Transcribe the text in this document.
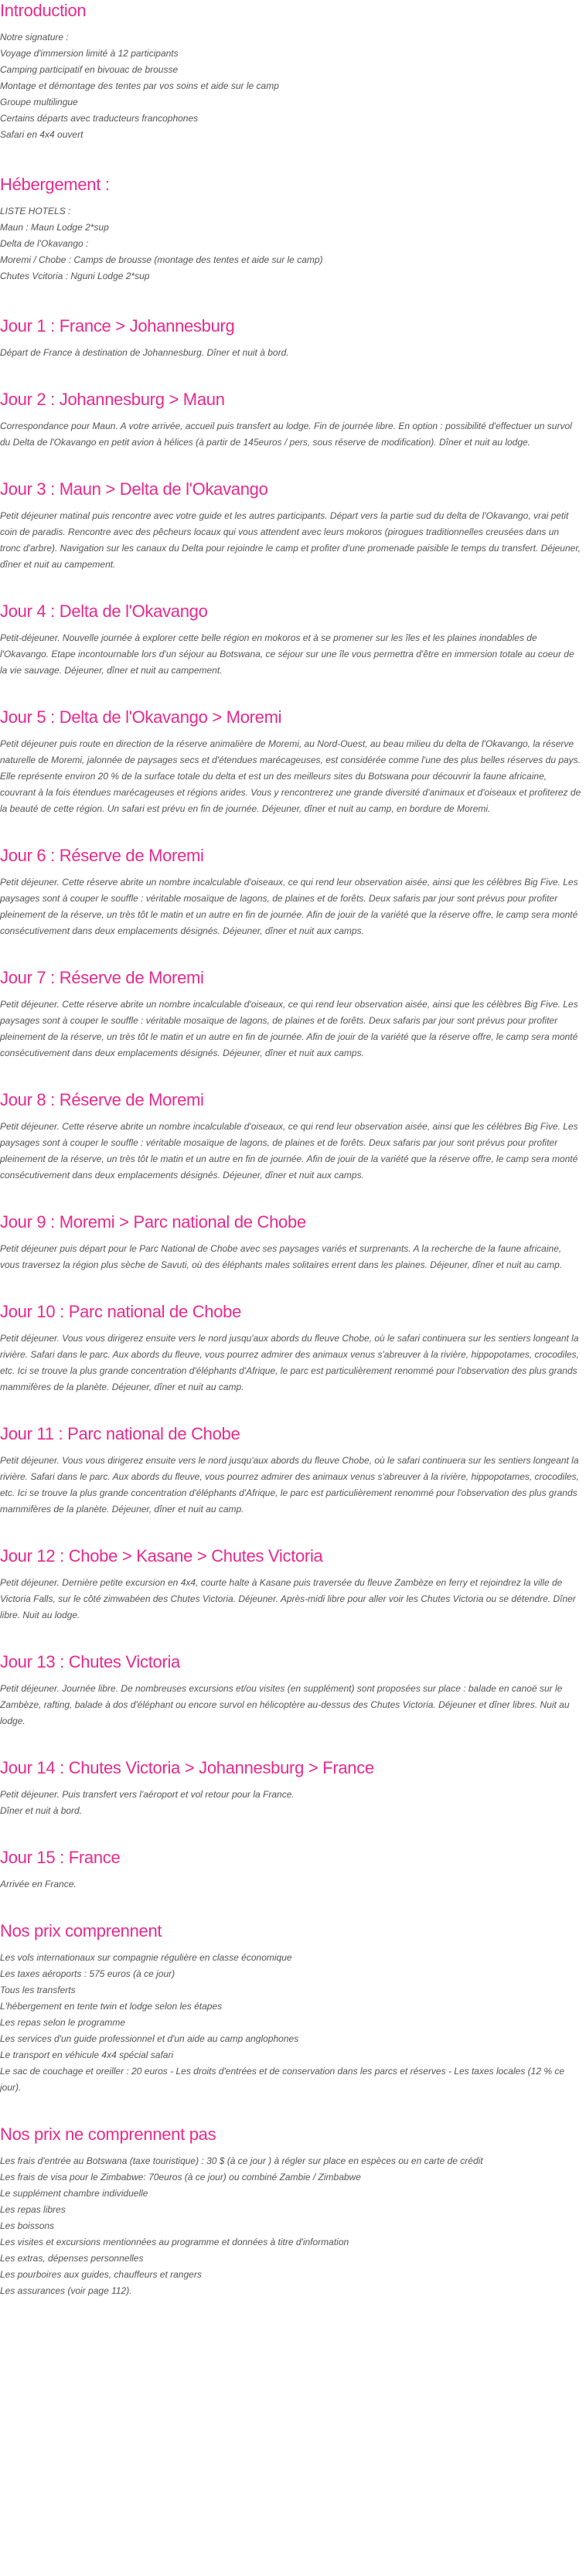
Introduction
Notre signature :
Voyage d'immersion limité à 12 participants
Camping participatif en bivouac de brousse
Montage et démontage des tentes par vos soins et aide sur le camp
Groupe multilingue
Certains départs avec traducteurs francophones
Safari en 4x4 ouvert
Hébergement :
LISTE HOTELS :
Maun : Maun Lodge 2*sup
Delta de l'Okavango :
Moremi / Chobe : Camps de brousse (montage des tentes et aide sur le camp)
Chutes Vcitoria : Nguni Lodge 2*sup
Jour 1 : France > Johannesburg

Départ de France à destination de Johannesburg. Dîner et nuit à bord.

Jour 2 : Johannesburg > Maun

Correspondance pour Maun. A votre arrivée, accueil puis transfert au lodge. Fin de journée libre. En option : possibilité d'effectuer un survol du Delta de l'Okavango en petit avion à hélices (à partir de 145euros / pers, sous réserve de modification). Dîner et nuit au lodge.

Jour 3 : Maun > Delta de l'Okavango

Petit déjeuner matinal puis rencontre avec votre guide et les autres participants. Départ vers la partie sud du delta de l'Okavango, vrai petit coin de paradis. Rencontre avec des pêcheurs locaux qui vous attendent avec leurs mokoros (pirogues traditionnelles creusées dans un tronc d'arbre). Navigation sur les canaux du Delta pour rejoindre le camp et profiter d'une promenade paisible le temps du transfert. Déjeuner, dîner et nuit au campement.

Jour 4 : Delta de l'Okavango

Petit-déjeuner. Nouvelle journée à explorer cette belle région en mokoros et à se promener sur les îles et les plaines inondables de l'Okavango. Etape incontournable lors d'un séjour au Botswana, ce séjour sur une île vous permettra d'être en immersion totale au coeur de la vie sauvage. Déjeuner, dîner et nuit au campement.

Jour 5 : Delta de l'Okavango > Moremi

Petit déjeuner puis route en direction de la réserve animalière de Moremi, au Nord-Ouest, au beau milieu du delta de l'Okavango, la réserve naturelle de Moremi, jalonnée de paysages secs et d'étendues marécageuses, est considérée comme l'une des plus belles réserves du pays. Elle représente environ 20 % de la surface totale du delta et est un des meilleurs sites du Botswana pour découvrir la faune africaine, couvrant à la fois étendues marécageuses et régions arides. Vous y rencontrerez une grande diversité d'animaux et d'oiseaux et profiterez de la beauté de cette région. Un safari est prévu en fin de journée. Déjeuner, dîner et nuit au camp, en bordure de Moremi.

Jour 6 : Réserve de Moremi

Petit déjeuner. Cette réserve abrite un nombre incalculable d'oiseaux, ce qui rend leur observation aisée, ainsi que les célèbres Big Five. Les paysages sont à couper le souffle : véritable mosaïque de lagons, de plaines et de forêts. Deux safaris par jour sont prévus pour profiter pleinement de la réserve, un très tôt le matin et un autre en fin de journée. Afin de jouir de la variété que la réserve offre, le camp sera monté consécutivement dans deux emplacements désignés. Déjeuner, dîner et nuit aux camps.

Jour 7 : Réserve de Moremi

Petit déjeuner. Cette réserve abrite un nombre incalculable d'oiseaux, ce qui rend leur observation aisée, ainsi que les célèbres Big Five. Les paysages sont à couper le souffle : véritable mosaïque de lagons, de plaines et de forêts. Deux safaris par jour sont prévus pour profiter pleinement de la réserve, un très tôt le matin et un autre en fin de journée. Afin de jouir de la variété que la réserve offre, le camp sera monté consécutivement dans deux emplacements désignés. Déjeuner, dîner et nuit aux camps.

Jour 8 : Réserve de Moremi

Petit déjeuner. Cette réserve abrite un nombre incalculable d'oiseaux, ce qui rend leur observation aisée, ainsi que les célèbres Big Five. Les paysages sont à couper le souffle : véritable mosaïque de lagons, de plaines et de forêts. Deux safaris par jour sont prévus pour profiter pleinement de la réserve, un très tôt le matin et un autre en fin de journée. Afin de jouir de la variété que la réserve offre, le camp sera monté consécutivement dans deux emplacements désignés. Déjeuner, dîner et nuit aux camps.

Jour 9 : Moremi > Parc national de Chobe

Petit déjeuner puis départ pour le Parc National de Chobe avec ses paysages variés et surprenants. A la recherche de la faune africaine, vous traversez la région plus sèche de Savuti, où des éléphants males solitaires errent dans les plaines. Déjeuner, dîner et nuit au camp.

Jour 10 : Parc national de Chobe

Petit déjeuner. Vous vous dirigerez ensuite vers le nord jusqu'aux abords du fleuve Chobe, où le safari continuera sur les sentiers longeant la rivière. Safari dans le parc. Aux abords du fleuve, vous pourrez admirer des animaux venus s'abreuver à la rivière, hippopotames, crocodiles, etc. Ici se trouve la plus grande concentration d'éléphants d'Afrique, le parc est particulièrement renommé pour l'observation des plus grands mammifères de la planète. Déjeuner, dîner et nuit au camp.

Jour 11 : Parc national de Chobe

Petit déjeuner. Vous vous dirigerez ensuite vers le nord jusqu'aux abords du fleuve Chobe, où le safari continuera sur les sentiers longeant la rivière. Safari dans le parc. Aux abords du fleuve, vous pourrez admirer des animaux venus s'abreuver à la rivière, hippopotames, crocodiles, etc. Ici se trouve la plus grande concentration d'éléphants d'Afrique, le parc est particulièrement renommé pour l'observation des plus grands mammifères de la planète. Déjeuner, dîner et nuit au camp.

Jour 12 : Chobe > Kasane > Chutes Victoria

Petit déjeuner. Dernière petite excursion en 4x4, courte halte à Kasane puis traversée du fleuve Zambèze en ferry et rejoindrez la ville de Victoria Falls, sur le côté zimwabéen des Chutes Victoria. Déjeuner. Après-midi libre pour aller voir les Chutes Victoria ou se détendre. Dîner libre. Nuit au lodge.

Jour 13 : Chutes Victoria

Petit déjeuner. Journée libre. De nombreuses excursions et/ou visites (en supplément) sont proposées sur place : balade en canoë sur le Zambèze, rafting, balade à dos d'éléphant ou encore survol en hélicoptère au-dessus des Chutes Victoria. Déjeuner et dîner libres. Nuit au lodge.

Jour 14 : Chutes Victoria > Johannesburg > France

Petit déjeuner. Puis transfert vers l'aéroport et vol retour pour la France.
Dîner et nuit à bord.

Jour 15 : France

Arrivée en France.

Nos prix comprennent
Les vols internationaux sur compagnie régulière en classe économique
Les taxes aéroports : 575 euros (à ce jour)
Tous les transferts
L'hébergement en tente twin et lodge selon les étapes
Les repas selon le programme
Les services d'un guide professionnel et d'un aide au camp anglophones
Le transport en véhicule 4x4 spécial safari
Le sac de couchage et oreiller : 20 euros - Les droits d'entrées et de conservation dans les parcs et réserves - Les taxes locales (12 % ce jour).
Nos prix ne comprennent pas
Les frais d'entrée au Botswana (taxe touristique) : 30 $ (à ce jour ) à régler sur place en espèces ou en carte de crédit
Les frais de visa pour le Zimbabwe: 70euros (à ce jour) ou combiné Zambie / Zimbabwe
Le supplément chambre individuelle
Les repas libres
Les boissons
Les visites et excursions mentionnées au programme et données à titre d'information
Les extras, dépenses personnelles
Les pourboires aux guides, chauffeurs et rangers
Les assurances (voir page 112).
